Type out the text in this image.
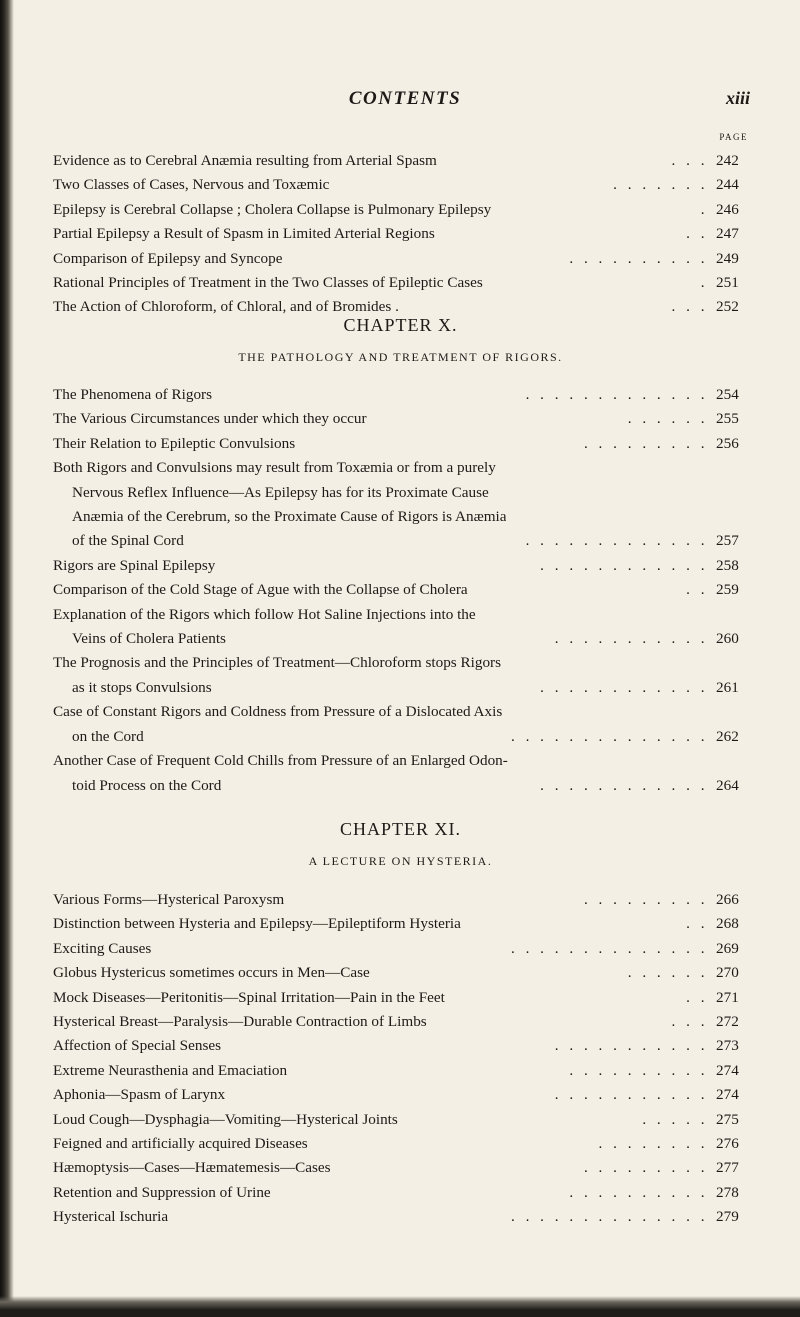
CONTENTS	xiii
PAGE
Evidence as to Cerebral Anæmia resulting from Arterial Spasm	. . . 242
Two Classes of Cases, Nervous and Toxæmic	. . . . . . . 244
Epilepsy is Cerebral Collapse ; Cholera Collapse is Pulmonary Epilepsy	. 246
Partial Epilepsy a Result of Spasm in Limited Arterial Regions	. . 247
Comparison of Epilepsy and Syncope	. . . . . . . . . . 249
Rational Principles of Treatment in the Two Classes of Epileptic Cases	. 251
The Action of Chloroform, of Chloral, and of Bromides .	. . . 252
CHAPTER X.
THE PATHOLOGY AND TREATMENT OF RIGORS.
The Phenomena of Rigors	. . . . . . . . . . . . . 254
The Various Circumstances under which they occur	. . . . . . 255
Their Relation to Epileptic Convulsions	. . . . . . . . . 256
Both Rigors and Convulsions may result from Toxæmia or from a purely
Nervous Reflex Influence—As Epilepsy has for its Proximate Cause
Anæmia of the Cerebrum, so the Proximate Cause of Rigors is Anæmia
of the Spinal Cord	. . . . . . . . . . . . . 257
Rigors are Spinal Epilepsy	. . . . . . . . . . . . 258
Comparison of the Cold Stage of Ague with the Collapse of Cholera	. . 259
Explanation of the Rigors which follow Hot Saline Injections into the
Veins of Cholera Patients	. . . . . . . . . . . 260
The Prognosis and the Principles of Treatment—Chloroform stops Rigors
as it stops Convulsions	. . . . . . . . . . . . 261
Case of Constant Rigors and Coldness from Pressure of a Dislocated Axis
on the Cord	. . . . . . . . . . . . . . 262
Another Case of Frequent Cold Chills from Pressure of an Enlarged Odon-
toid Process on the Cord	. . . . . . . . . . . . 264
CHAPTER XI.
A LECTURE ON HYSTERIA.
Various Forms—Hysterical Paroxysm	. . . . . . . . . 266
Distinction between Hysteria and Epilepsy—Epileptiform Hysteria	. . 268
Exciting Causes	. . . . . . . . . . . . . . 269
Globus Hystericus sometimes occurs in Men—Case	. . . . . . 270
Mock Diseases—Peritonitis—Spinal Irritation—Pain in the Feet	. . 271
Hysterical Breast—Paralysis—Durable Contraction of Limbs	. . . 272
Affection of Special Senses	. . . . . . . . . . . 273
Extreme Neurasthenia and Emaciation	. . . . . . . . . . 274
Aphonia—Spasm of Larynx	. . . . . . . . . . . 274
Loud Cough—Dysphagia—Vomiting—Hysterical Joints	. . . . . 275
Feigned and artificially acquired Diseases	. . . . . . . . 276
Hæmoptysis—Cases—Hæmatemesis—Cases	. . . . . . . . . 277
Retention and Suppression of Urine	. . . . . . . . . . 278
Hysterical Ischuria	. . . . . . . . . . . . . . 279
